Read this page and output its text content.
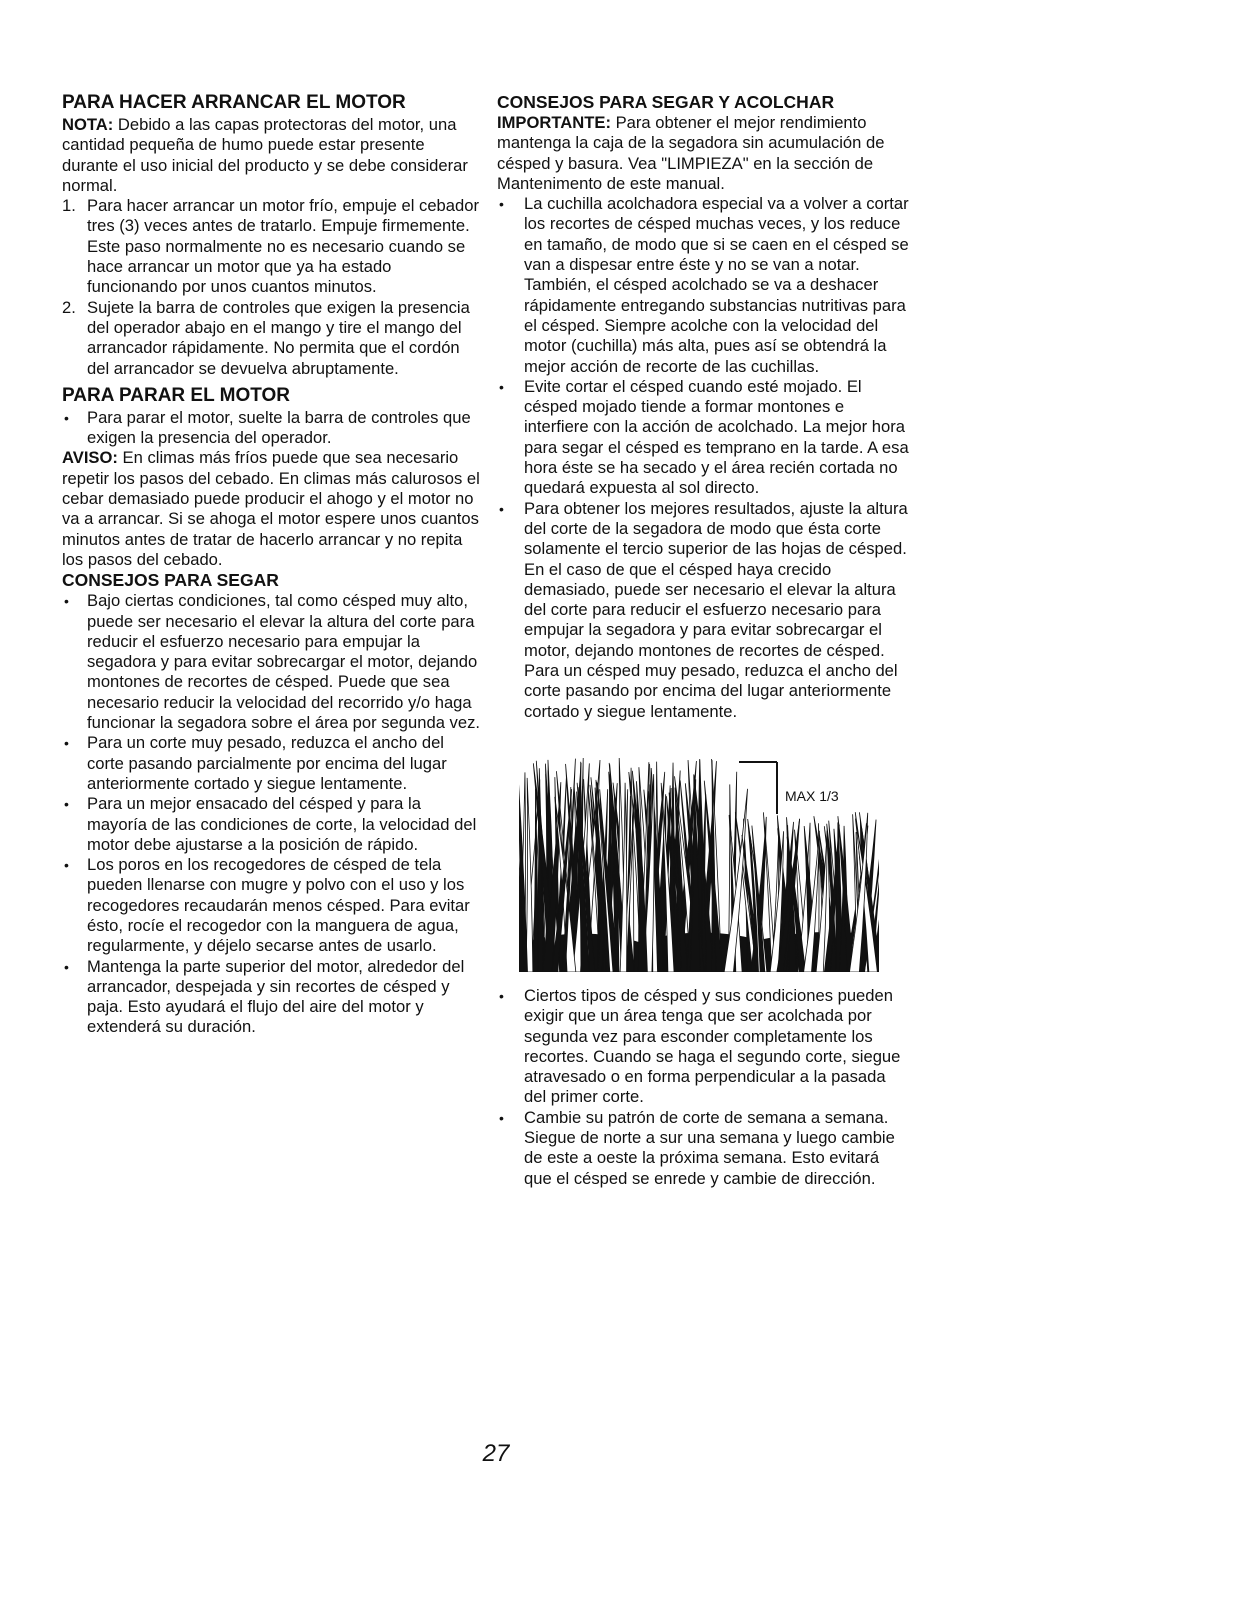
PARA HACER ARRANCAR EL MOTOR

NOTA: Debido a las capas protectoras del motor, una cantidad pequeña de humo puede estar presente durante el uso inicial del producto y se debe considerar normal.

1. Para hacer arrancar un motor frío, empuje el cebador tres (3) veces antes de tratarlo. Empuje firmemente. Este paso normalmente no es necesario cuando se hace arrancar un motor que ya ha estado funcionando por unos cuantos minutos.
2. Sujete la barra de controles que exigen la presencia del operador abajo en el mango y tire el mango del arrancador rápidamente. No permita que el cordón del arrancador se devuelva abruptamente.
PARA PARAR EL MOTOR
• Para parar el motor, suelte la barra de controles que exigen la presencia del operador.

AVISO: En climas más fríos puede que sea necesario repetir los pasos del cebado. En climas más calurosos el cebar demasiado puede producir el ahogo y el motor no va a arrancar. Si se ahoga el motor espere unos cuantos minutos antes de tratar de hacerlo arrancar y no repita los pasos del cebado.

CONSEJOS PARA SEGAR
• Bajo ciertas condiciones, tal como césped muy alto, puede ser necesario el elevar la altura del corte para reducir el esfuerzo necesario para empujar la segadora y para evitar sobrecargar el motor, dejando montones de recortes de césped. Puede que sea necesario reducir la velocidad del recorrido y/o haga funcionar la segadora sobre el área por segunda vez.
• Para un corte muy pesado, reduzca el ancho del corte pasando parcialmente por encima del lugar anteriormente cortado y siegue lentamente.
• Para un mejor ensacado del césped y para la mayoría de las condiciones de corte, la velocidad del motor debe ajustarse a la posición de rápido.
• Los poros en los recogedores de césped de tela pueden llenarse con mugre y polvo con el uso y los recogedores recaudarán menos césped. Para evitar ésto, rocíe el recogedor con la manguera de agua, regularmente, y déjelo secarse antes de usarlo.
• Mantenga la parte superior del motor, alrededor del arrancador, despejada y sin recortes de césped y paja. Esto ayudará el flujo del aire del motor y extenderá su duración.
CONSEJOS PARA SEGAR Y ACOLCHAR

IMPORTANTE: Para obtener el mejor rendimiento mantenga la caja de la segadora sin acumulación de césped y basura. Vea "LIMPIEZA" en la sección de Mantenimento de este manual.

• La cuchilla acolchadora especial va a volver a cortar los recortes de césped muchas veces, y los reduce en tamaño, de modo que si se caen en el césped se van a dispesar entre éste y no se van a notar. También, el césped acolchado se va a deshacer rápidamente entregando substancias nutritivas para el césped. Siempre acolche con la velocidad del motor (cuchilla) más alta, pues así se obtendrá la mejor acción de recorte de las cuchillas.
• Evite cortar el césped cuando esté mojado. El césped mojado tiende a formar montones e interfiere con la acción de acolchado. La mejor hora para segar el césped es temprano en la tarde. A esa hora éste se ha secado y el área recién cortada no quedará expuesta al sol directo.
• Para obtener los mejores resultados, ajuste la altura del corte de la segadora de modo que ésta corte solamente el tercio superior de las hojas de césped. En el caso de que el césped haya crecido demasiado, puede ser necesario el elevar la altura del corte para reducir el esfuerzo necesario para empujar la segadora y para evitar sobrecargar el motor, dejando montones de recortes de césped. Para un césped muy pesado, reduzca el ancho del corte pasando por encima del lugar anteriormente cortado y siegue lentamente.
MAX 1/3
• Ciertos tipos de césped y sus condiciones pueden exigir que un área tenga que ser acolchada por segunda vez para esconder completamente los recortes. Cuando se haga el segundo corte, siegue atravesado o en forma perpendicular a la pasada del primer corte.
• Cambie su patrón de corte de semana a semana. Siegue de norte a sur una semana y luego cambie de este a oeste la próxima semana. Esto evitará que el césped se enrede y cambie de dirección.
27
